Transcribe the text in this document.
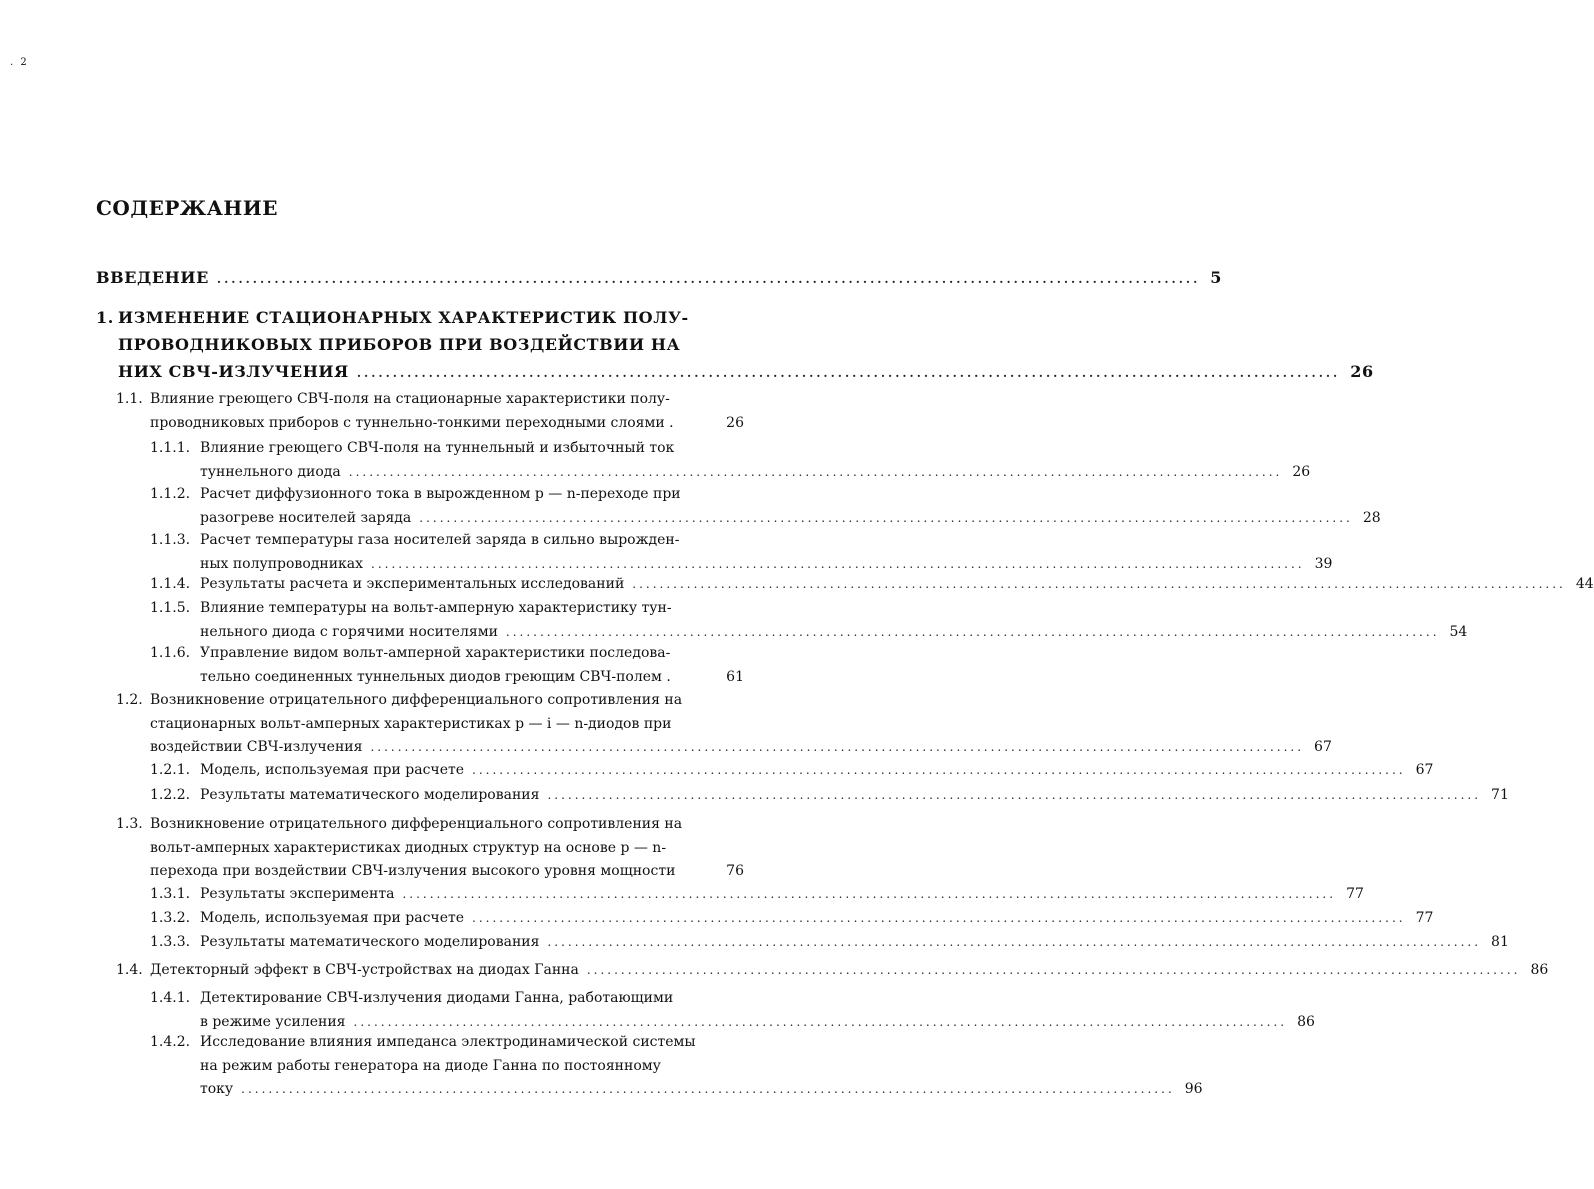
. 2
СОДЕРЖАНИЕ
ВВЕДЕНИЕ ......................................................................................................................................... 5
1. ИЗМЕНЕНИЕ СТАЦИОНАРНЫХ ХАРАКТЕРИСТИК ПОЛУ-
ПРОВОДНИКОВЫХ ПРИБОРОВ ПРИ ВОЗДЕЙСТВИИ НА
НИХ СВЧ-ИЗЛУЧЕНИЯ ......................................................................................................................................... 26
1.1. Влияние греющего СВЧ-поля на стационарные характеристики полу-
проводниковых приборов с туннельно-тонкими переходными слоями .	26
1.1.1. Влияние греющего СВЧ-поля на туннельный и избыточный ток
туннельного диода ......................................................................................................................................... 26
1.1.2. Расчет диффузионного тока в вырожденном p — n-переходе при
разогреве носителей заряда ......................................................................................................................................... 28
1.1.3. Расчет температуры газа носителей заряда в сильно вырожден-
ных полупроводниках ......................................................................................................................................... 39
1.1.4. Результаты расчета и экспериментальных исследований ......................................................................................................................................... 44
1.1.5. Влияние температуры на вольт-амперную характеристику тун-
нельного диода с горячими носителями ......................................................................................................................................... 54
1.1.6. Управление видом вольт-амперной характеристики последова-
тельно соединенных туннельных диодов греющим СВЧ-полем .	61
1.2. Возникновение отрицательного дифференциального сопротивления на
стационарных вольт-амперных характеристиках p — i — n-диодов при
воздействии СВЧ-излучения ......................................................................................................................................... 67
1.2.1. Модель, используемая при расчете ......................................................................................................................................... 67
1.2.2. Результаты математического моделирования ......................................................................................................................................... 71
1.3. Возникновение отрицательного дифференциального сопротивления на
вольт-амперных характеристиках диодных структур на основе p — n-
перехода при воздействии СВЧ-излучения высокого уровня мощности	76
1.3.1. Результаты эксперимента ......................................................................................................................................... 77
1.3.2. Модель, используемая при расчете ......................................................................................................................................... 77
1.3.3. Результаты математического моделирования ......................................................................................................................................... 81
1.4. Детекторный эффект в СВЧ-устройствах на диодах Ганна ......................................................................................................................................... 86
1.4.1. Детектирование СВЧ-излучения диодами Ганна, работающими
в режиме усиления ......................................................................................................................................... 86
1.4.2. Исследование влияния импеданса электродинамической системы
на режим работы генератора на диоде Ганна по постоянному
току ......................................................................................................................................... 96
